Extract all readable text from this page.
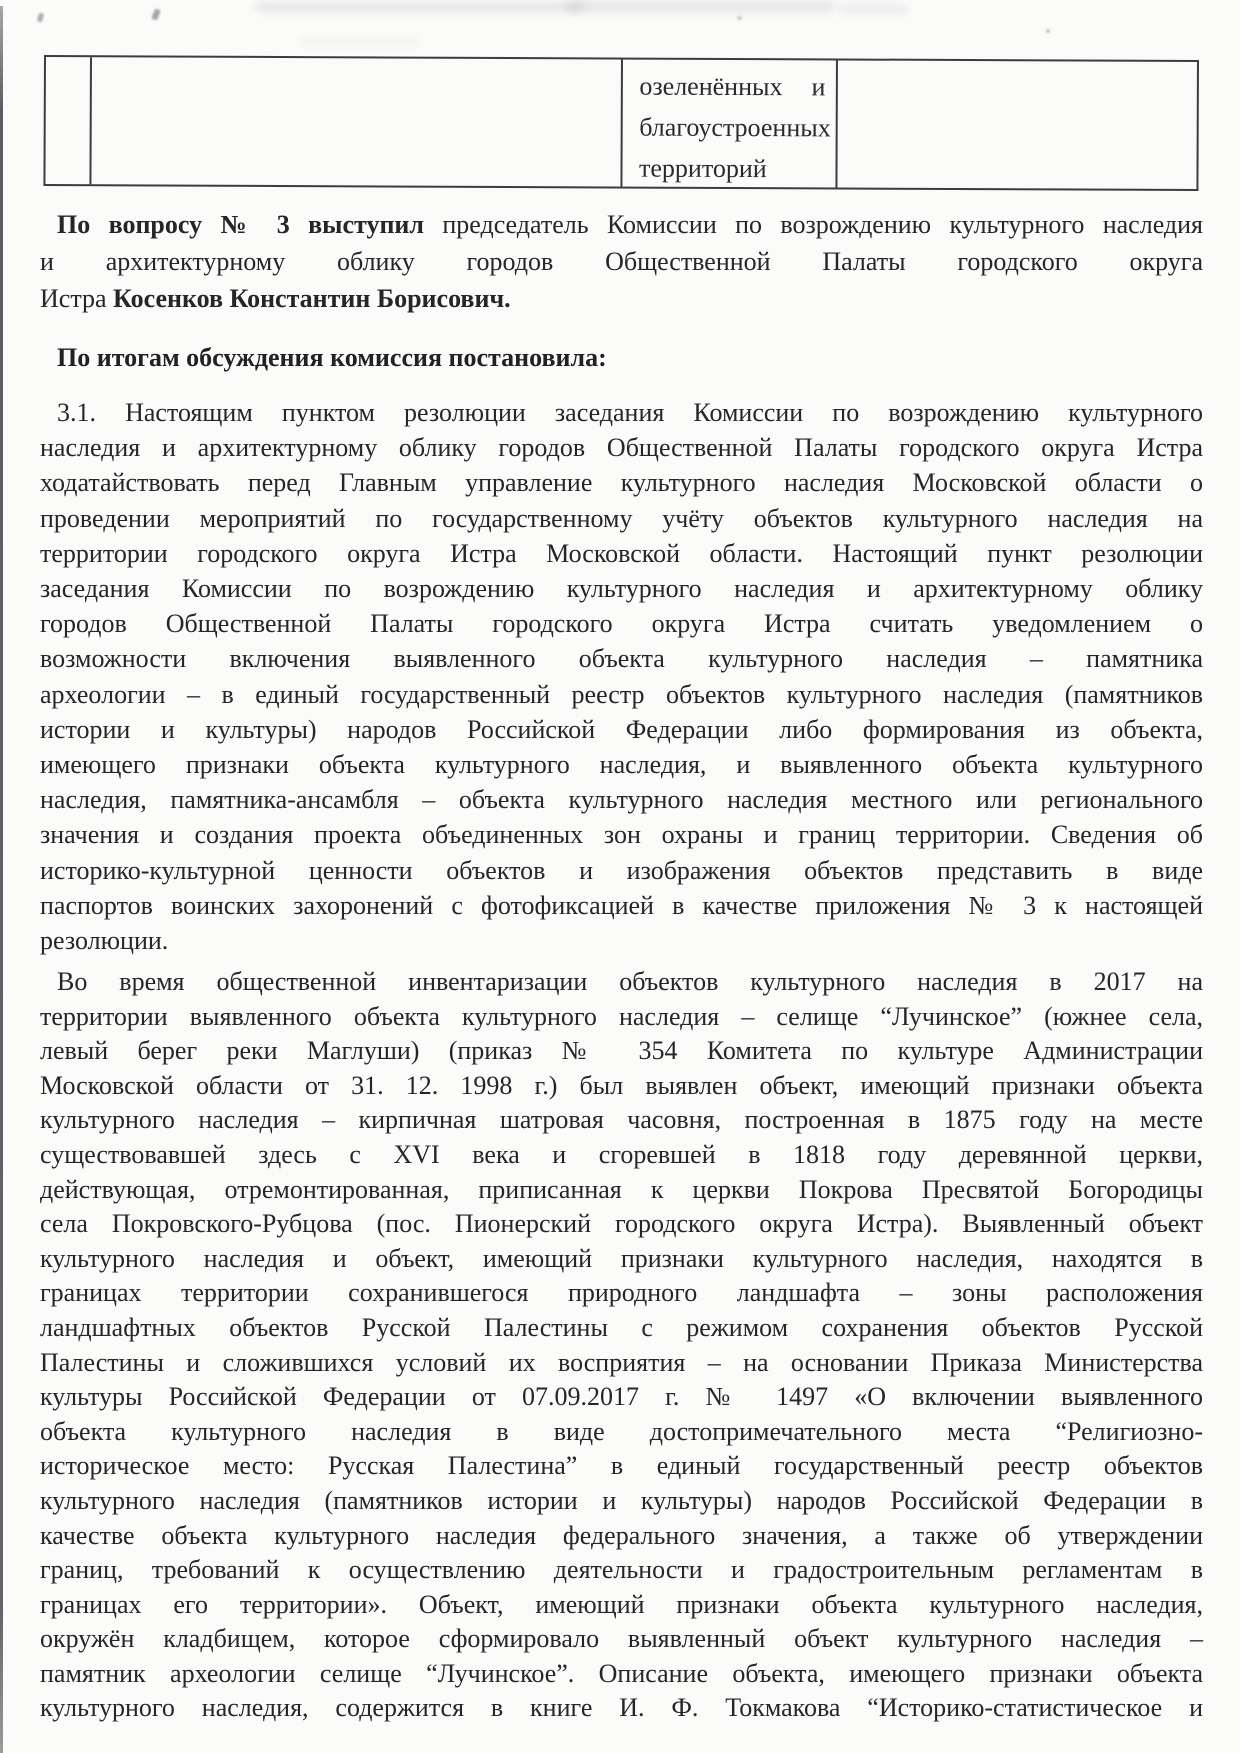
озеленённых и благоустроенных территорий
По вопросу № 3 выступил председатель Комиссии по возрождению культурного наследия
и архитектурному облику городов Общественной Палаты городского округа
Истра Косенков Константин Борисович.
По итогам обсуждения комиссия постановила:
3.1. Настоящим пунктом резолюции заседания Комиссии по возрождению культурного
наследия и архитектурному облику городов Общественной Палаты городского округа Истра
ходатайствовать перед Главным управление культурного наследия Московской области о
проведении мероприятий по государственному учёту объектов культурного наследия на
территории городского округа Истра Московской области. Настоящий пункт резолюции
заседания Комиссии по возрождению культурного наследия и архитектурному облику
городов Общественной Палаты городского округа Истра считать уведомлением о
возможности включения выявленного объекта культурного наследия – памятника
археологии – в единый государственный реестр объектов культурного наследия (памятников
истории и культуры) народов Российской Федерации либо формирования из объекта,
имеющего признаки объекта культурного наследия, и выявленного объекта культурного
наследия, памятника-ансамбля – объекта культурного наследия местного или регионального
значения и создания проекта объединенных зон охраны и границ территории. Сведения об
историко-культурной ценности объектов и изображения объектов представить в виде
паспортов воинских захоронений с фотофиксацией в качестве приложения № 3 к настоящей
резолюции.
Во время общественной инвентаризации объектов культурного наследия в 2017 на
территории выявленного объекта культурного наследия – селище “Лучинское” (южнее села,
левый берег реки Маглуши) (приказ № 354 Комитета по культуре Администрации
Московской области от 31. 12. 1998 г.) был выявлен объект, имеющий признаки объекта
культурного наследия – кирпичная шатровая часовня, построенная в 1875 году на месте
существовавшей здесь с XVI века и сгоревшей в 1818 году деревянной церкви,
действующая, отремонтированная, приписанная к церкви Покрова Пресвятой Богородицы
села Покровского-Рубцова (пос. Пионерский городского округа Истра). Выявленный объект
культурного наследия и объект, имеющий признаки культурного наследия, находятся в
границах территории сохранившегося природного ландшафта – зоны расположения
ландшафтных объектов Русской Палестины с режимом сохранения объектов Русской
Палестины и сложившихся условий их восприятия – на основании Приказа Министерства
культуры Российской Федерации от 07.09.2017 г. № 1497 «О включении выявленного
объекта культурного наследия в виде достопримечательного места “Религиозно-
историческое место: Русская Палестина” в единый государственный реестр объектов
культурного наследия (памятников истории и культуры) народов Российской Федерации в
качестве объекта культурного наследия федерального значения, а также об утверждении
границ, требований к осуществлению деятельности и градостроительным регламентам в
границах его территории». Объект, имеющий признаки объекта культурного наследия,
окружён кладбищем, которое сформировало выявленный объект культурного наследия –
памятник археологии селище “Лучинское”. Описание объекта, имеющего признаки объекта
культурного наследия, содержится в книге И. Ф. Токмакова “Историко-статистическое и
